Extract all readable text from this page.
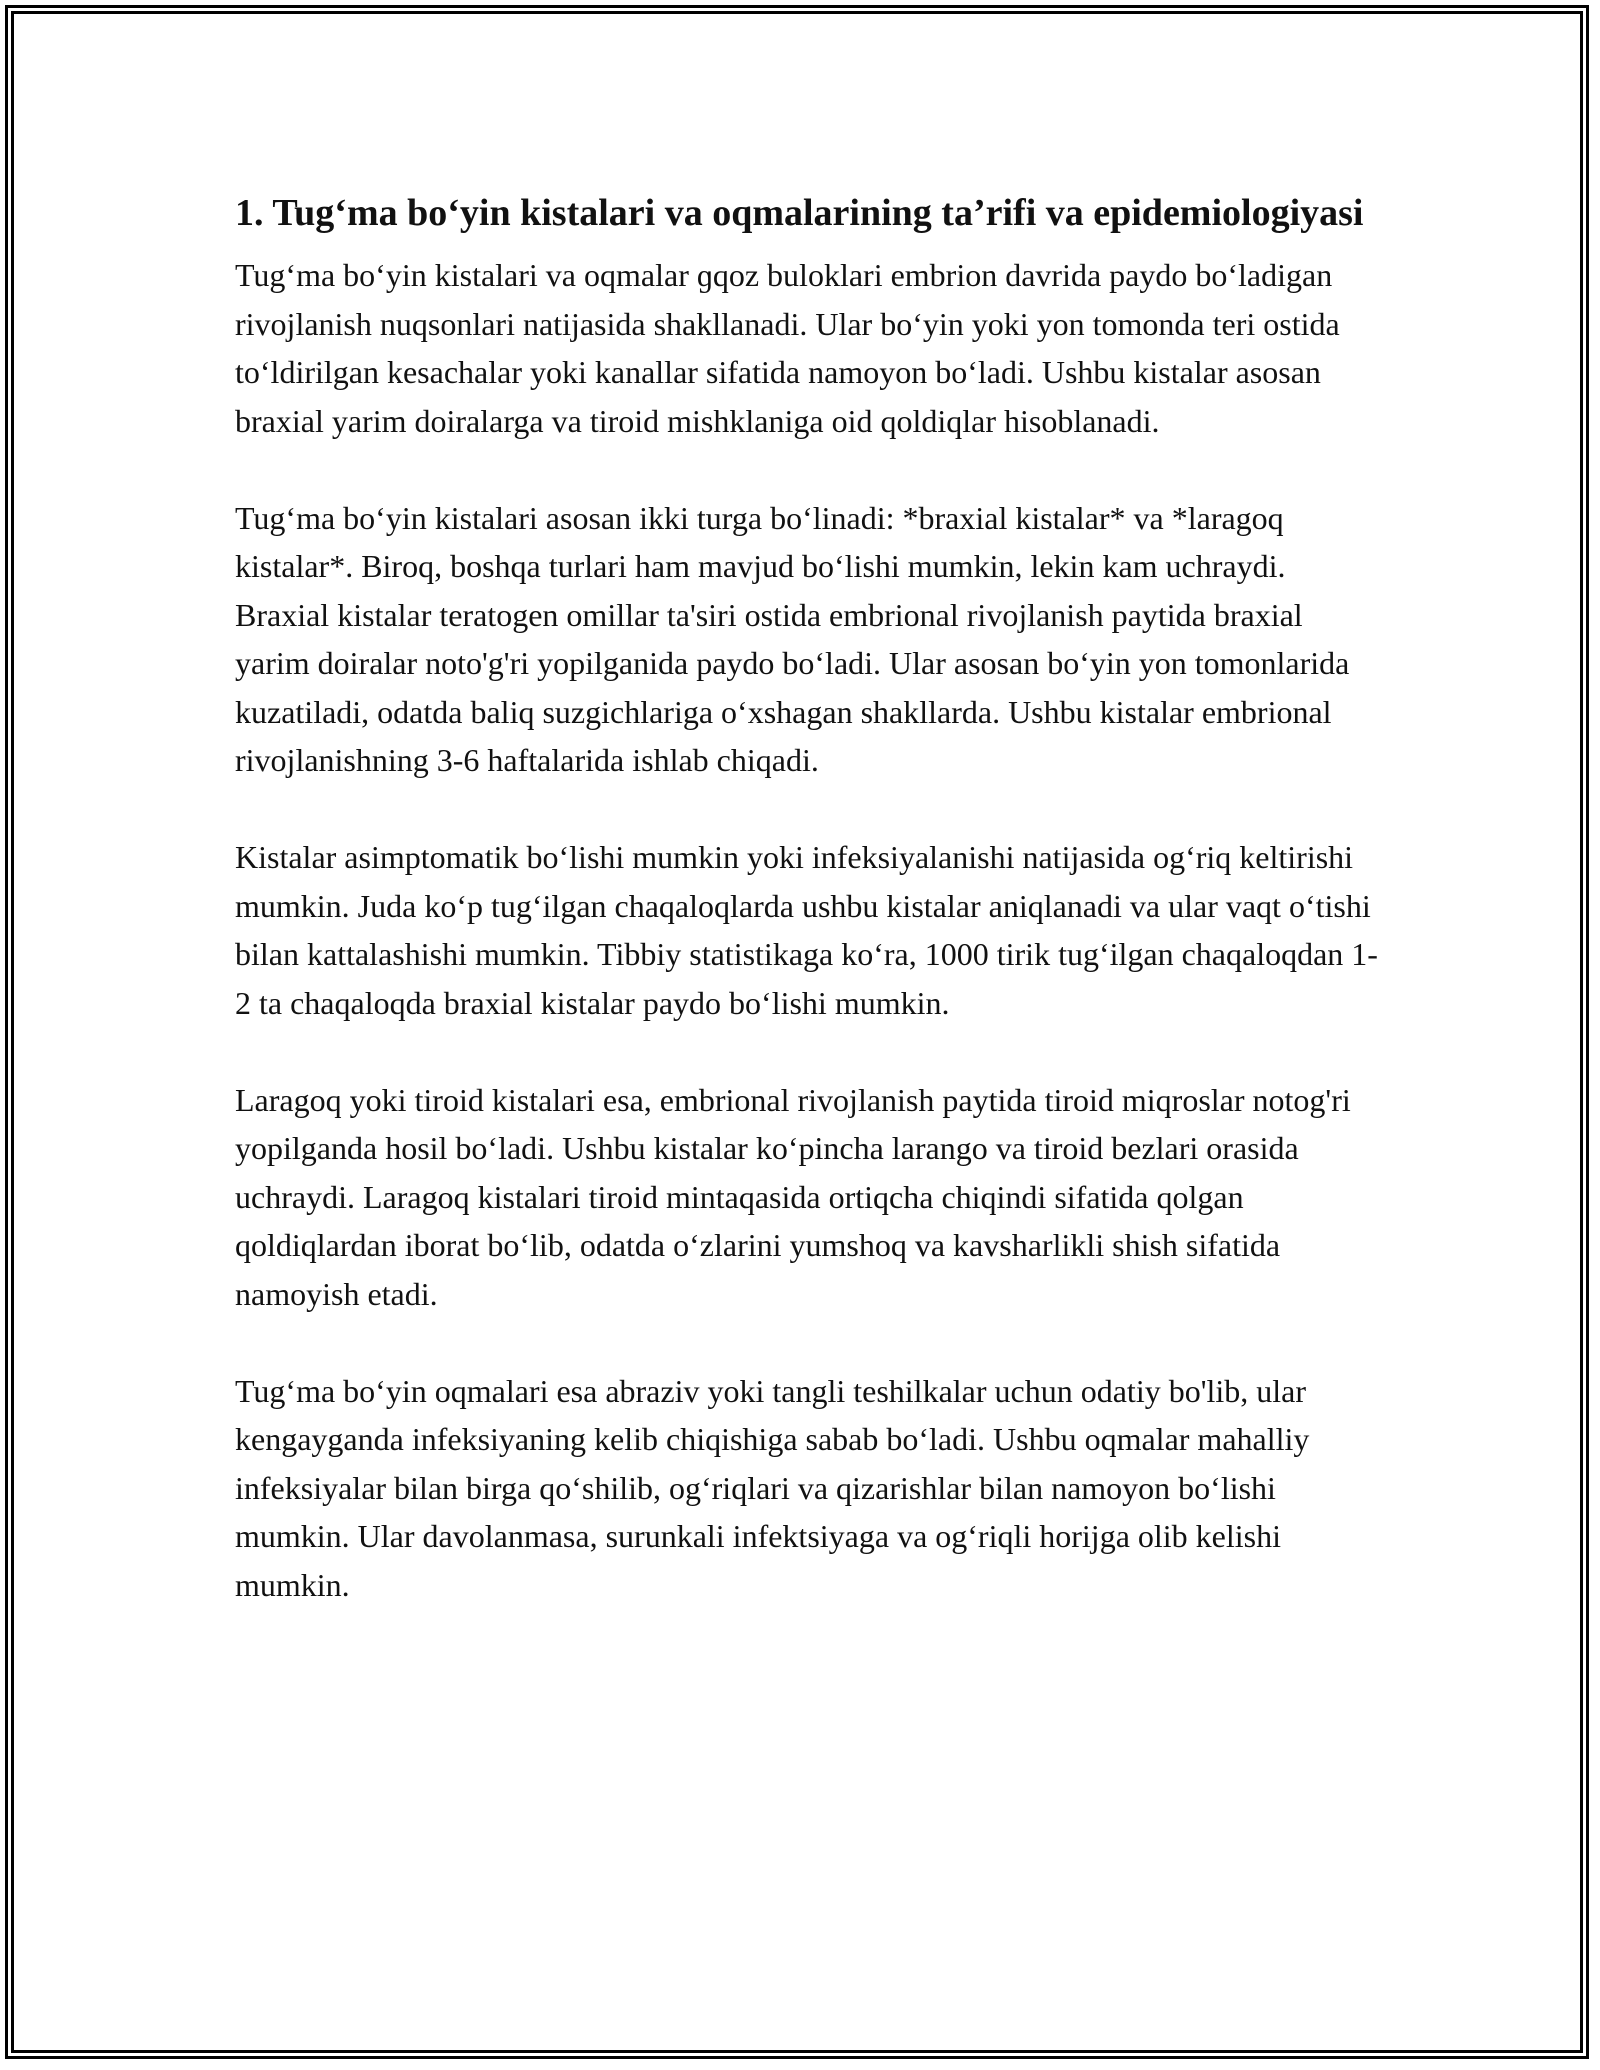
1. Tug‘ma bo‘yin kistalari va oqmalarining ta’rifi va epidemiologiyasi

Tug‘ma bo‘yin kistalari va oqmalar ɡqoz buloklari embrion davrida paydo bo‘ladigan rivojlanish nuqsonlari natijasida shakllanadi. Ular bo‘yin yoki yon tomonda teri ostida to‘ldirilgan kesachalar yoki kanallar sifatida namoyon bo‘ladi. Ushbu kistalar asosan braxial yarim doiralarga va tiroid mishklaniga oid qoldiqlar hisoblanadi.

Tug‘ma bo‘yin kistalari asosan ikki turga bo‘linadi: *braxial kistalar* va *laragoq kistalar*. Biroq, boshqa turlari ham mavjud bo‘lishi mumkin, lekin kam uchraydi. Braxial kistalar teratogen omillar ta'siri ostida embrional rivojlanish paytida braxial yarim doiralar noto'g'ri yopilganida paydo bo‘ladi. Ular asosan bo‘yin yon tomonlarida kuzatiladi, odatda baliq suzgichlariga o‘xshagan shakllarda. Ushbu kistalar embrional rivojlanishning 3-6 haftalarida ishlab chiqadi.

Kistalar asimptomatik bo‘lishi mumkin yoki infeksiyalanishi natijasida og‘riq keltirishi mumkin. Juda ko‘p tug‘ilgan chaqaloqlarda ushbu kistalar aniqlanadi va ular vaqt o‘tishi bilan kattalashishi mumkin. Tibbiy statistikaga ko‘ra, 1000 tirik tug‘ilgan chaqaloqdan 1-2 ta chaqaloqda braxial kistalar paydo bo‘lishi mumkin.

Laragoq yoki tiroid kistalari esa, embrional rivojlanish paytida tiroid miqroslar notog'ri yopilganda hosil bo‘ladi. Ushbu kistalar ko‘pincha larango va tiroid bezlari orasida uchraydi. Laragoq kistalari tiroid mintaqasida ortiqcha chiqindi sifatida qolgan qoldiqlardan iborat bo‘lib, odatda o‘zlarini yumshoq va kavsharlikli shish sifatida namoyish etadi.

Tug‘ma bo‘yin oqmalari esa abraziv yoki tangli teshilkalar uchun odatiy bo'lib, ular kengayganda infeksiyaning kelib chiqishiga sabab bo‘ladi. Ushbu oqmalar mahalliy infeksiyalar bilan birga qo‘shilib, og‘riqlari va qizarishlar bilan namoyon bo‘lishi mumkin. Ular davolanmasa, surunkali infektsiyaga va og‘riqli horijga olib kelishi mumkin.
